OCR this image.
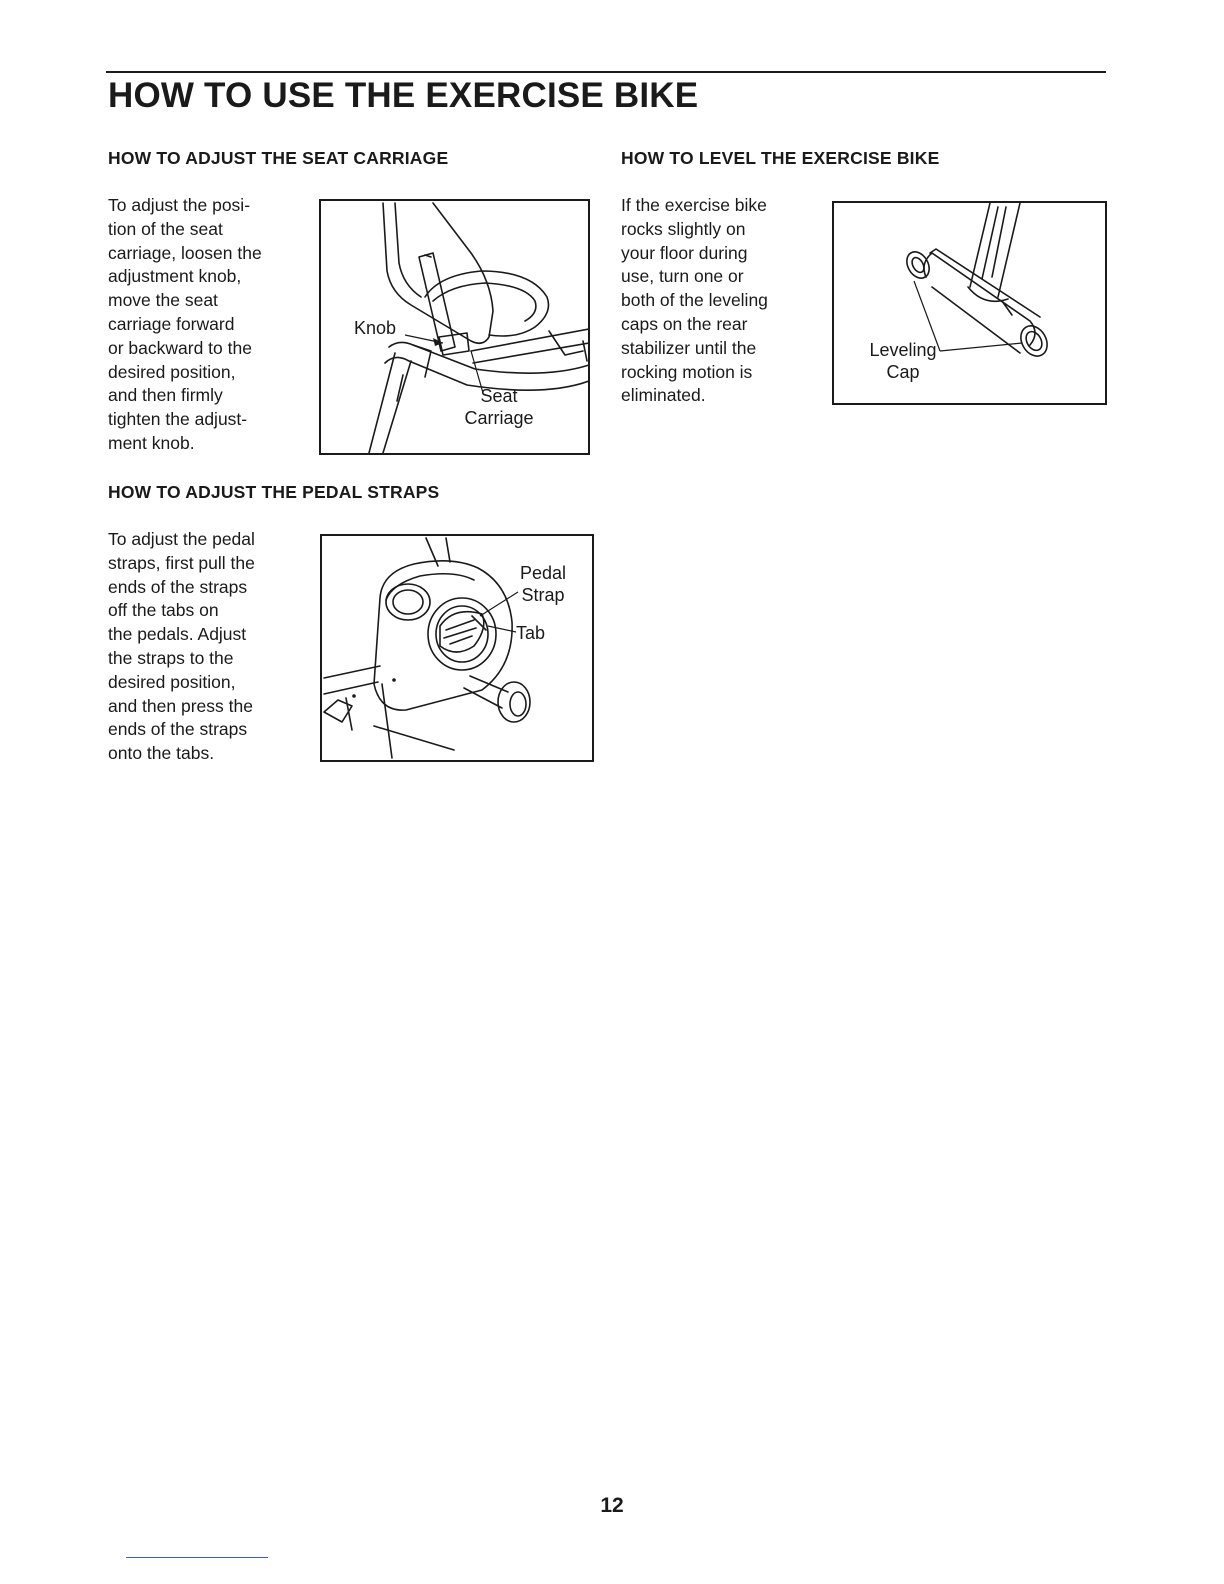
HOW TO USE THE EXERCISE BIKE
HOW TO ADJUST THE SEAT CARRIAGE
To adjust the posi-
tion of the seat
carriage, loosen the
adjustment knob,
move the seat
carriage forward
or backward to the
desired position,
and then firmly
tighten the adjust-
ment knob.
Knob
Seat
Carriage
HOW TO ADJUST THE PEDAL STRAPS
To adjust the pedal
straps, first pull the
ends of the straps
off the tabs on
the pedals. Adjust
the straps to the
desired position,
and then press the
ends of the straps
onto the tabs.
Pedal
Strap
Tab
HOW TO LEVEL THE EXERCISE BIKE
If the exercise bike
rocks slightly on
your floor during
use, turn one or
both of the leveling
caps on the rear
stabilizer until the
rocking motion is
eliminated.
Leveling
Cap
12
